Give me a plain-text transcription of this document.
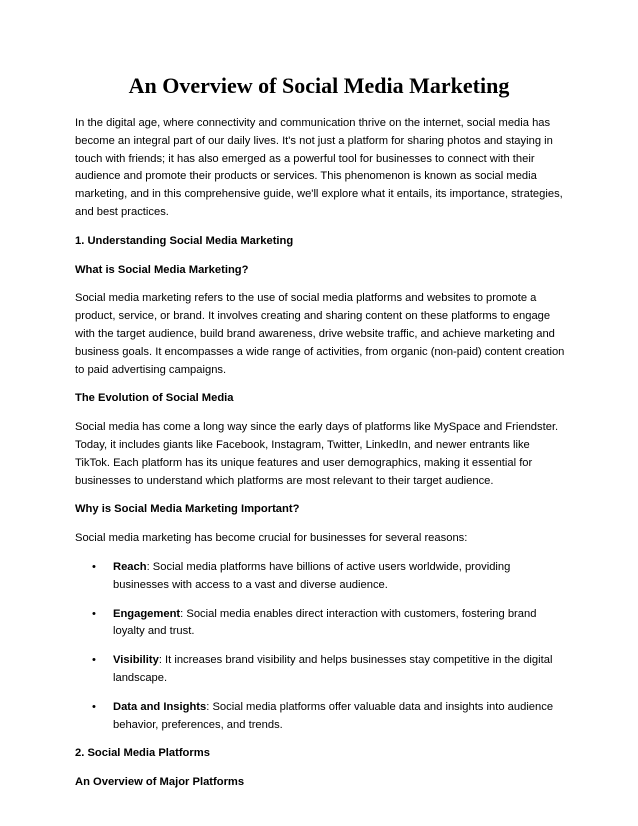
An Overview of Social Media Marketing

In the digital age, where connectivity and communication thrive on the internet, social media has become an integral part of our daily lives. It's not just a platform for sharing photos and staying in touch with friends; it has also emerged as a powerful tool for businesses to connect with their audience and promote their products or services. This phenomenon is known as social media marketing, and in this comprehensive guide, we'll explore what it entails, its importance, strategies, and best practices.

1. Understanding Social Media Marketing
What is Social Media Marketing?

Social media marketing refers to the use of social media platforms and websites to promote a product, service, or brand. It involves creating and sharing content on these platforms to engage with the target audience, build brand awareness, drive website traffic, and achieve marketing and business goals. It encompasses a wide range of activities, from organic (non-paid) content creation to paid advertising campaigns.

The Evolution of Social Media

Social media has come a long way since the early days of platforms like MySpace and Friendster. Today, it includes giants like Facebook, Instagram, Twitter, LinkedIn, and newer entrants like TikTok. Each platform has its unique features and user demographics, making it essential for businesses to understand which platforms are most relevant to their target audience.

Why is Social Media Marketing Important?

Social media marketing has become crucial for businesses for several reasons:

• Reach: Social media platforms have billions of active users worldwide, providing businesses with access to a vast and diverse audience.
• Engagement: Social media enables direct interaction with customers, fostering brand loyalty and trust.
• Visibility: It increases brand visibility and helps businesses stay competitive in the digital landscape.
• Data and Insights: Social media platforms offer valuable data and insights into audience behavior, preferences, and trends.
2. Social Media Platforms
An Overview of Major Platforms
